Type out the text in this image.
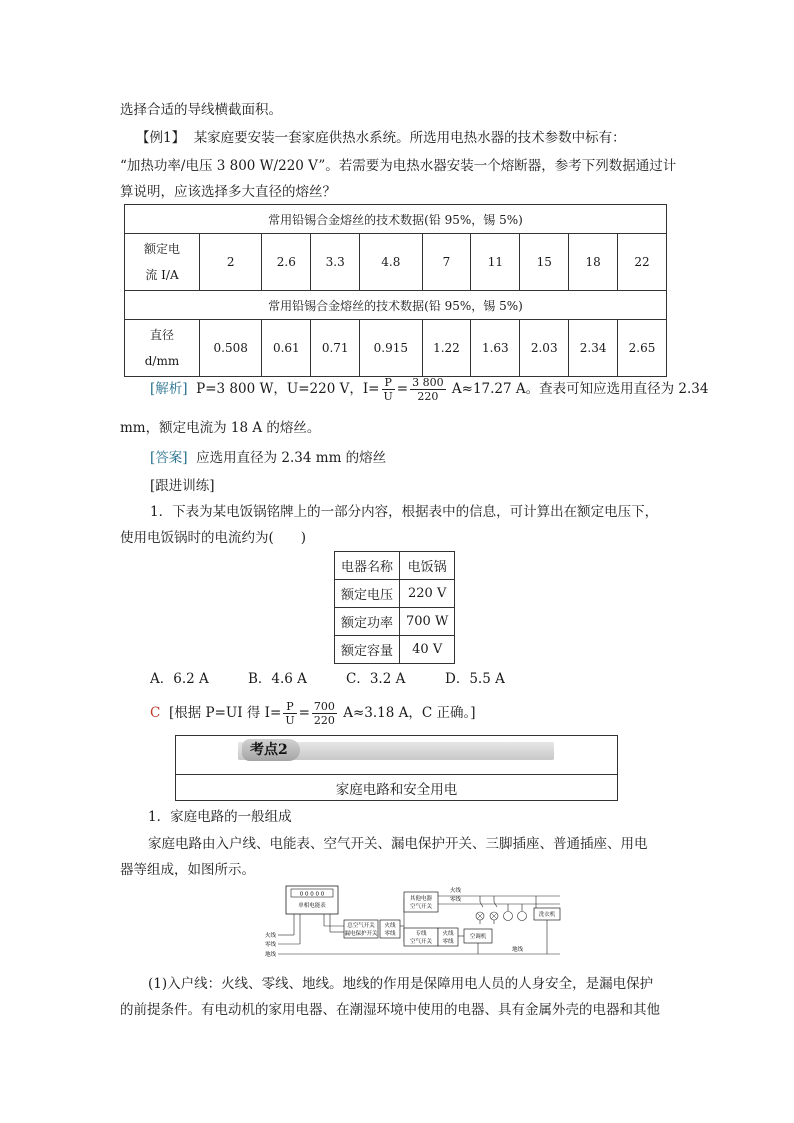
选择合适的导线横截面积。
【例1】 某家庭要安装一套家庭供热水系统。所选用电热水器的技术参数中标有：
“加热功率/电压 3 800 W/220 V”。若需要为电热水器安装一个熔断器，参考下列数据通过计
算说明，应该选择多大直径的熔丝？
常用铅锡合金熔丝的技术数据(铅 95%，锡 5%)									
额定电
流 I/A	2	2.6	3.3	4.8	7	11	15	18	22
常用铅锡合金熔丝的技术数据(铅 95%，锡 5%)									
直径
d/mm	0.508	0.61	0.71	0.915	1.22	1.63	2.03	2.34	2.65
[解析] P=3 800 W，U=220 V，$I= \frac{P}{U} = \frac{3 800}{220} A\approx 17.27$ A。查表可知应选用直径为 2.34
mm，额定电流为 18 A 的熔丝。
[答案] 应选用直径为 2.34 mm 的熔丝
[跟进训练]
1．下表为某电饭锅铭牌上的一部分内容，根据表中的信息，可计算出在额定电压下，
使用电饭锅时的电流约为(　　)
电器名称	电饭锅
额定电压	220 V
额定功率	700 W
额定容量	40 V
A．6.2 A	B．4.6 A	C．3.2 A	D．5.5 A
C [根据 P=UI 得 $I= \frac{P}{U} = \frac{700}{220} A\approx 3.18$ A，C 正确。]
考点2
家庭电路和安全用电
1．家庭电路的一般组成
家庭电路由入户线、电能表、空气开关、漏电保护开关、三脚插座、普通插座、用电
器等组成，如图所示。
0 0 0 0 0
单相电能表
火线
零线
地线
总空气开关
漏电保护开关
火线
零线
其他电器
空气开关
专线
空气开关
火线
零线
空调机
火线
零线
地线
洗衣机
(1)入户线：火线、零线、地线。地线的作用是保障用电人员的人身安全，是漏电保护
的前提条件。有电动机的家用电器、在潮湿环境中使用的电器、具有金属外壳的电器和其他
